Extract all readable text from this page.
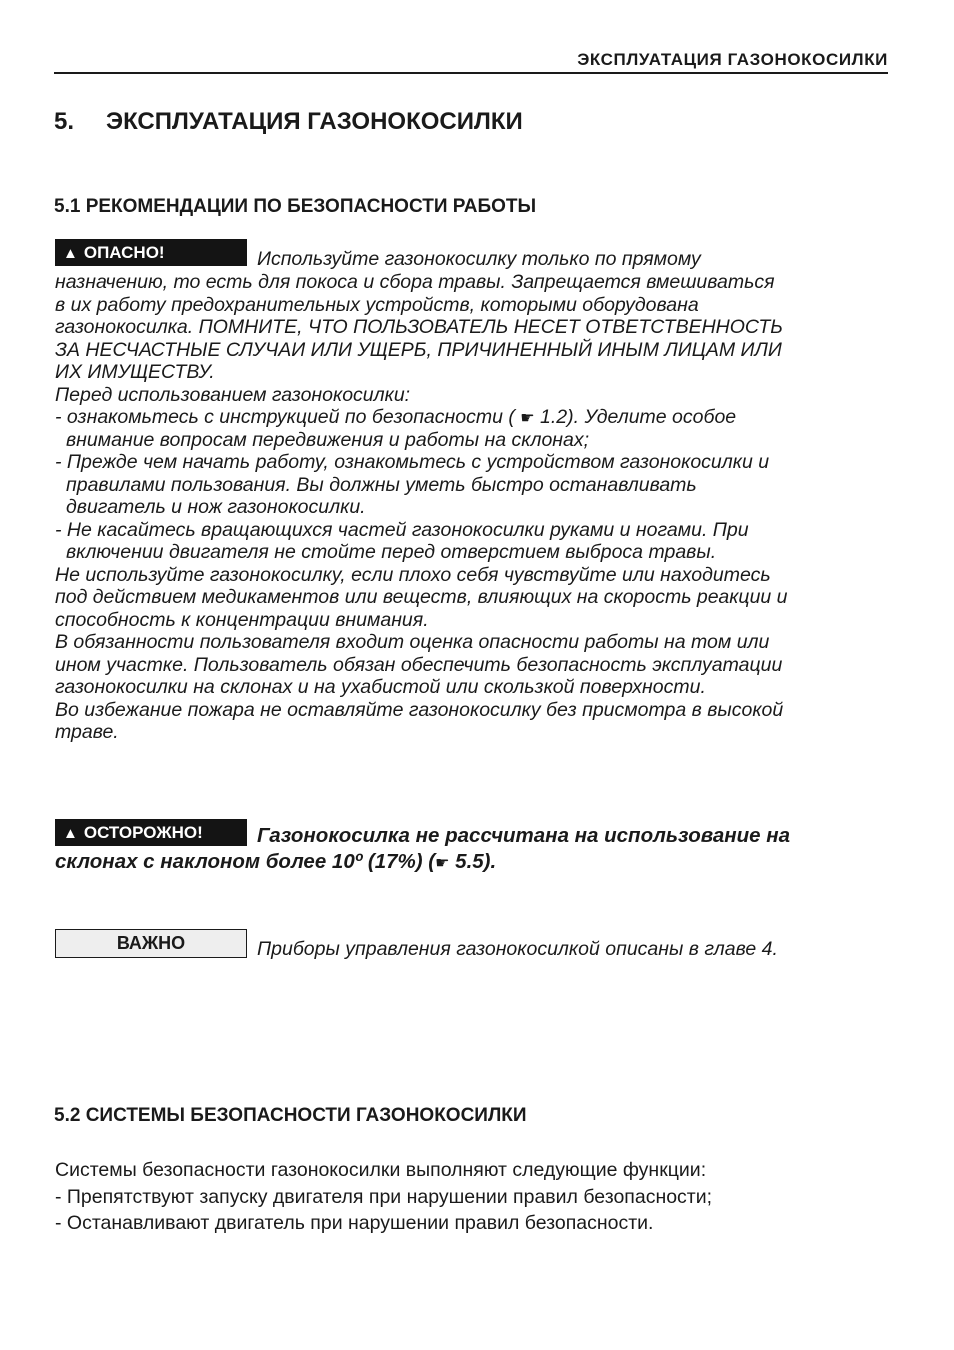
ЭКСПЛУАТАЦИЯ ГАЗОНОКОСИЛКИ
5. ЭКСПЛУАТАЦИЯ ГАЗОНОКОСИЛКИ
5.1 РЕКОМЕНДАЦИИ ПО БЕЗОПАСНОСТИ РАБОТЫ
▲ ОПАСНО!	Используйте газонокосилку только по прямому
назначению, то есть для покоса и сбора травы. Запрещается вмешиваться
в их работу предохранительных устройств, которыми оборудована
газонокосилка. ПОМНИТЕ, ЧТО ПОЛЬЗОВАТЕЛЬ НЕСЕТ ОТВЕТСТВЕННОСТЬ
ЗА НЕСЧАСТНЫЕ СЛУЧАИ ИЛИ УЩЕРБ, ПРИЧИНЕННЫЙ ИНЫМ ЛИЦАМ ИЛИ
ИХ ИМУЩЕСТВУ.
Перед использованием газонокосилки:
- ознакомьтесь с инструкцией по безопасности ( ☛ 1.2). Уделите особое
внимание вопросам передвижения и работы на склонах;
- Прежде чем начать работу, ознакомьтесь с устройством газонокосилки и
правилами пользования. Вы должны уметь быстро останавливать
двигатель и нож газонокосилки.
- Не касайтесь вращающихся частей газонокосилки руками и ногами. При
включении двигателя не стойте перед отверстием выброса травы.
Не используйте газонокосилку, если плохо себя чувствуйте или находитесь
под действием медикаментов или веществ, влияющих на скорость реакции и
способность к концентрации внимания.
В обязанности пользователя входит оценка опасности работы на том или
ином участке. Пользователь обязан обеспечить безопасность эксплуатации
газонокосилки на склонах и на ухабистой или скользкой поверхности.
Во избежание пожара не оставляйте газонокосилку без присмотра в высокой
траве.
▲ ОСТОРОЖНО!	Газонокосилка не рассчитана на использование на
склонах с наклоном более 10º (17%) (☛ 5.5).
ВАЖНО	Приборы управления газонокосилкой описаны в главе 4.
5.2 СИСТЕМЫ БЕЗОПАСНОСТИ ГАЗОНОКОСИЛКИ
Системы безопасности газонокосилки выполняют следующие функции:
- Препятствуют запуску двигателя при нарушении правил безопасности;
- Останавливают двигатель при нарушении правил безопасности.
